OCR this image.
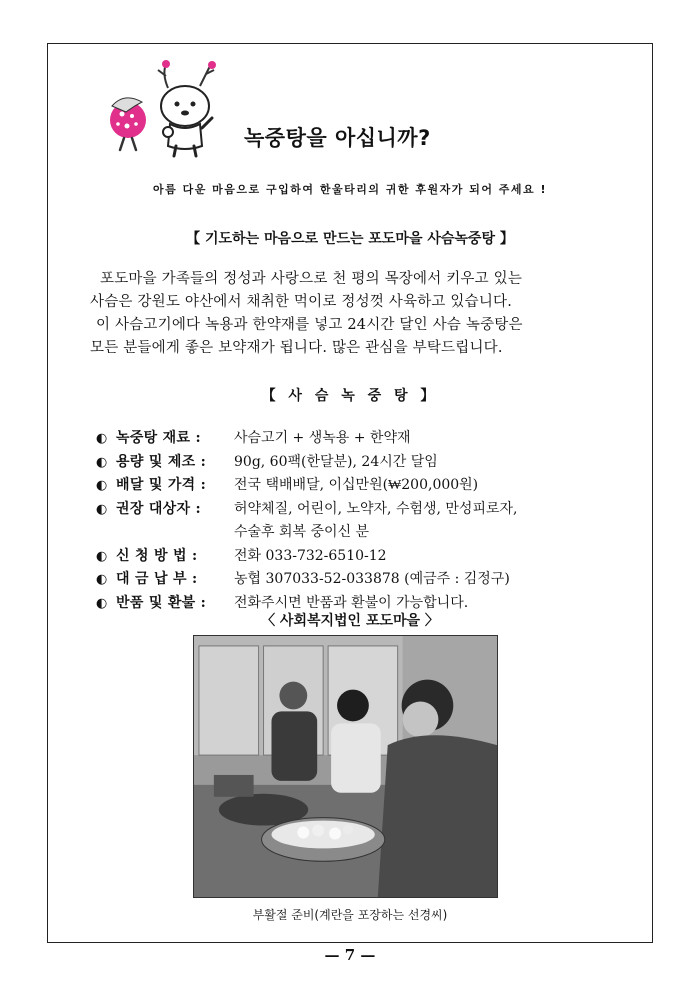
녹중탕을 아십니까?
아름 다운 마음으로 구입하여 한울타리의 귀한 후원자가 되어 주세요 !
【 기도하는 마음으로 만드는 포도마을 사슴녹중탕 】

포도마을 가족들의 정성과 사랑으로 천 평의 목장에서 키우고 있는

사슴은 강원도 야산에서 채취한 먹이로 정성껏 사육하고 있습니다.

이 사슴고기에다 녹용과 한약재를 넣고 24시간 달인 사슴 녹중탕은

모든 분들에게 좋은 보약재가 됩니다. 많은 관심을 부탁드립니다.

【 사 슴 녹 중 탕 】
◐ 녹중탕 재료 :	사슴고기 + 생녹용 + 한약재
◐ 용량 및 제조 :	90g, 60팩(한달분), 24시간 달임
◐ 배달 및 가격 :	전국 택배배달, 이십만원(₩200,000원)
◐ 권장 대상자 :	허약체질, 어린이, 노약자, 수험생, 만성피로자,
수술후 회복 중이신 분
◐ 신 청 방 법 :	전화 033-732-6510-12
◐ 대 금 납 부 :	농협 307033-52-033878 (예금주 : 김정구)
◐ 반품 및 환불 :	전화주시면 반품과 환불이 가능합니다.
〈 사회복지법인 포도마을 〉
부활절 준비(계란을 포장하는 선경씨)
— 7 —
